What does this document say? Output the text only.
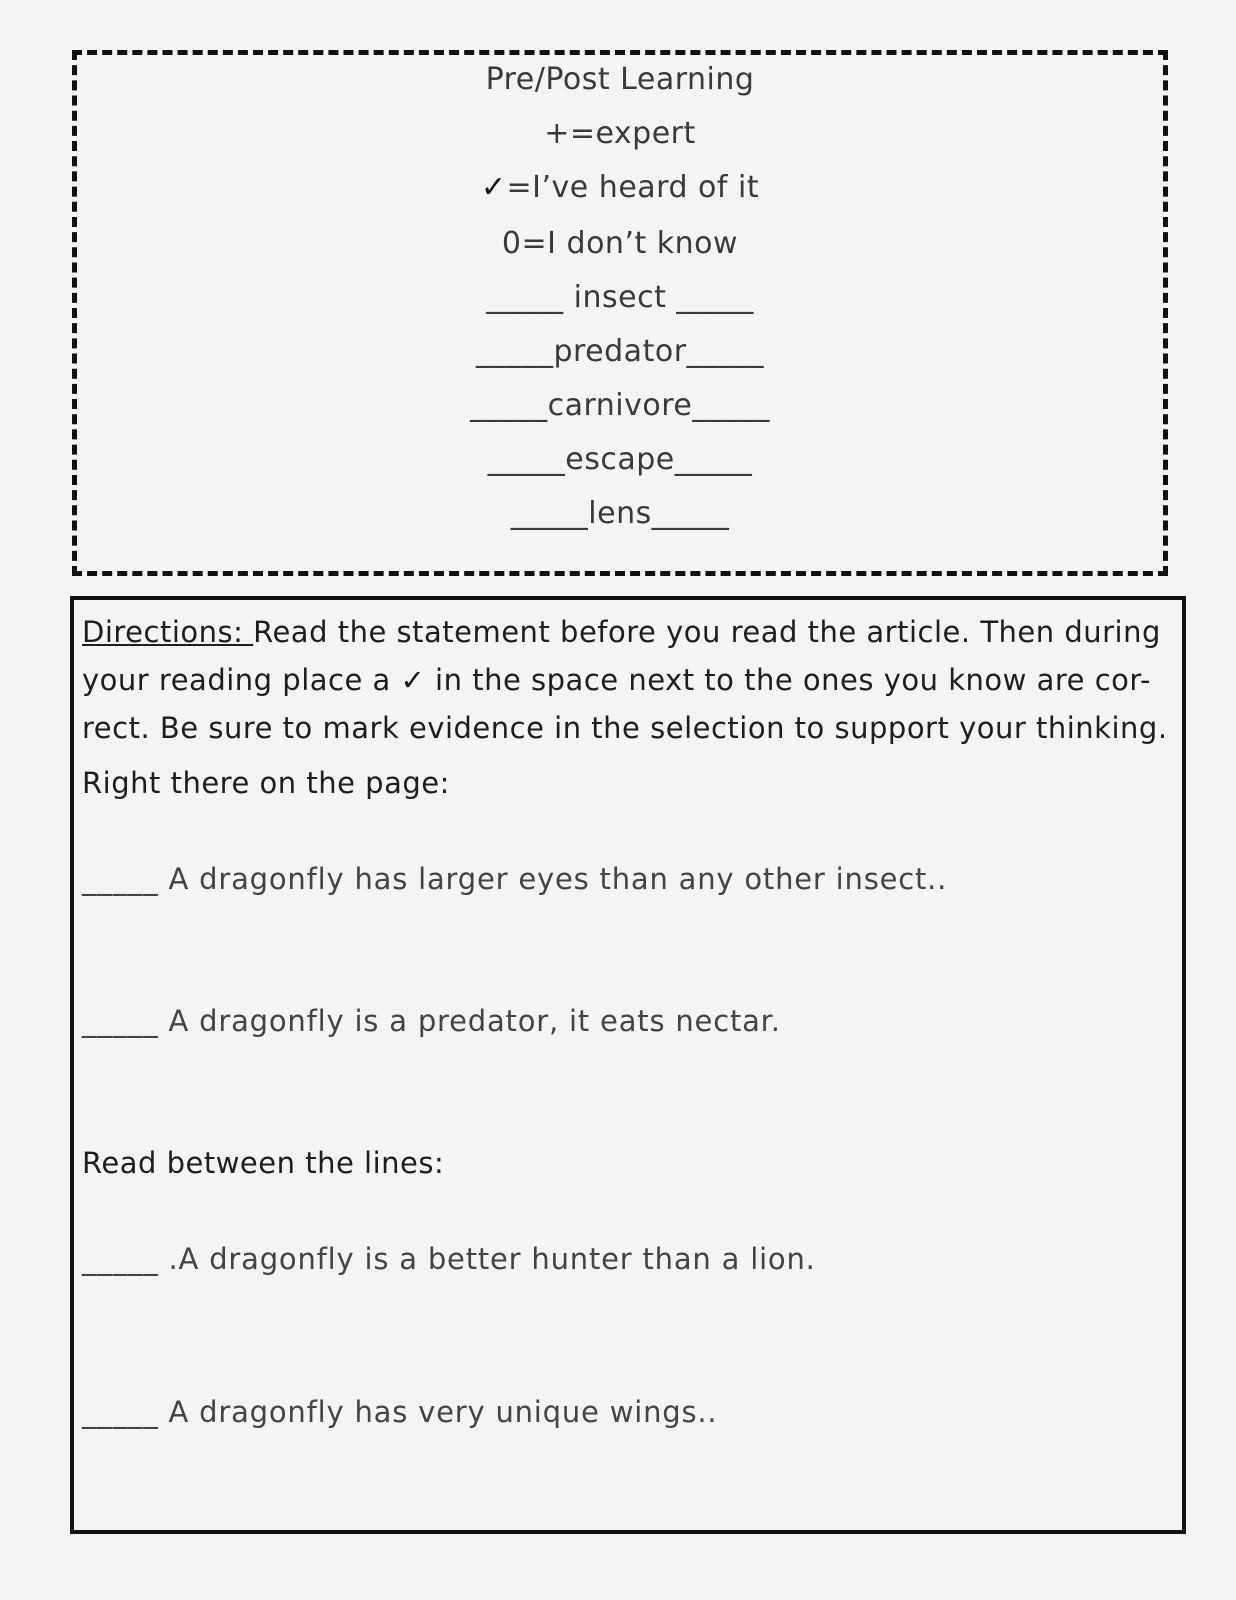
Pre/Post Learning
+=expert
✓=I’ve heard of it
0=I don’t know
_____ insect _____
_____predator_____
_____carnivore_____
_____escape_____
_____lens_____
Directions: Read the statement before you read the article. Then during your reading place a ✓ in the space next to the ones you know are cor-rect. Be sure to mark evidence in the selection to support your thinking.
Right there on the page:
_____ A dragonfly has larger eyes than any other insect..
_____ A dragonfly is a predator, it eats nectar.
Read between the lines:
_____ .A dragonfly is a better hunter than a lion.
_____ A dragonfly has very unique wings..
